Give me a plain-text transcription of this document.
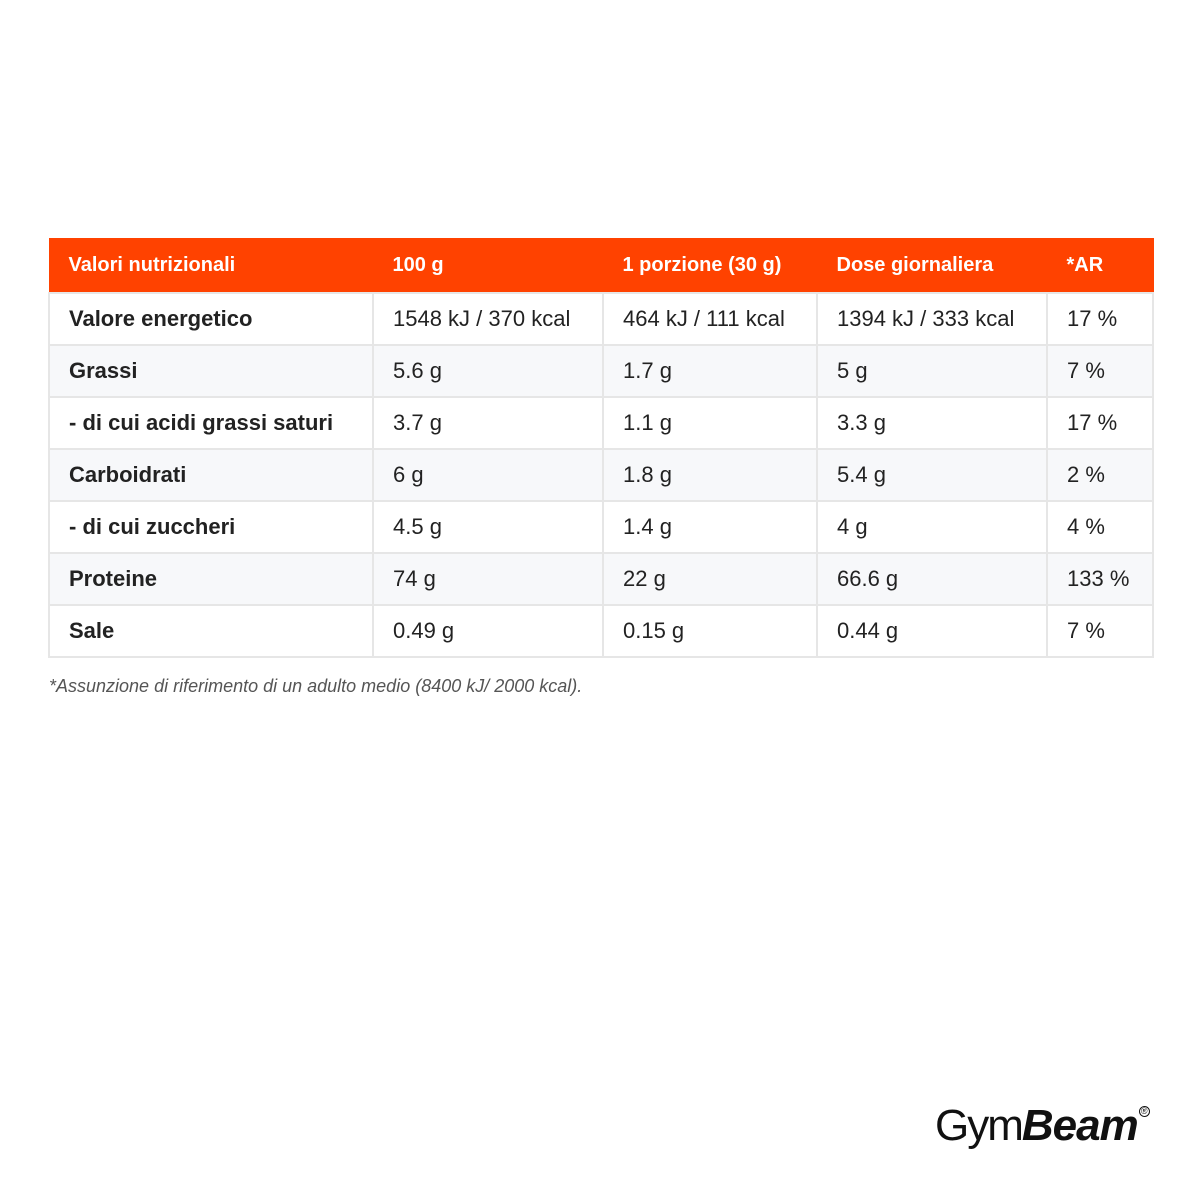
Valori nutrizionali	100 g	1 porzione (30 g)	Dose giornaliera	*AR
Valore energetico	1548 kJ / 370 kcal	464 kJ / 111 kcal	1394 kJ / 333 kcal	17 %
Grassi	5.6 g	1.7 g	5 g	7 %
- di cui acidi grassi saturi	3.7 g	1.1 g	3.3 g	17 %
Carboidrati	6 g	1.8 g	5.4 g	2 %
- di cui zuccheri	4.5 g	1.4 g	4 g	4 %
Proteine	74 g	22 g	66.6 g	133 %
Sale	0.49 g	0.15 g	0.44 g	7 %
*Assunzione di riferimento di un adulto medio (8400 kJ/ 2000 kcal).
Gym Beam ®
